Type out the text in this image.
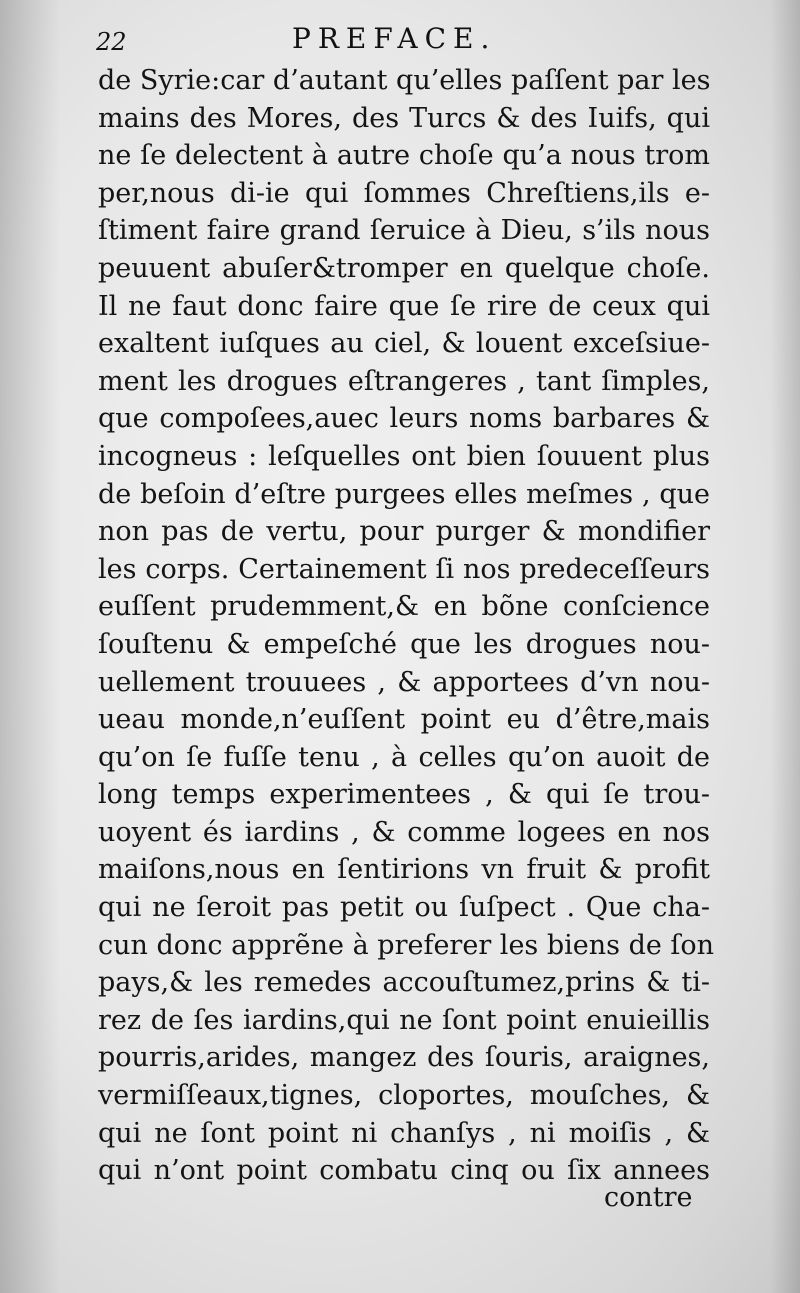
22	PREFACE.
de Syrie:car d’autant qu’elles paſſent par les
mains des Mores, des Turcs & des Iuifs, qui
ne ſe delectent à autre choſe qu’a nous trom
per,nous di-ie qui ſommes Chreſtiens,ils e-
ſtiment faire grand ſeruice à Dieu, s’ils nous
peuuent abuſer&tromper en quelque choſe.
Il ne faut donc faire que ſe rire de ceux qui
exaltent iuſques au ciel, & louent exceſsiue-
ment les drogues eſtrangeres , tant ſimples,
que compoſees,auec leurs noms barbares &
incogneus : leſquelles ont bien ſouuent plus
de beſoin d’eſtre purgees elles meſmes , que
non pas de vertu, pour purger & mondifier
les corps. Certainement ſi nos predeceſſeurs
euſſent prudemment,& en bõne conſcience
ſouſtenu & empeſché que les drogues nou-
uellement trouuees , & apportees d’vn nou-
ueau monde,n’euſſent point eu d’être,mais
qu’on ſe fuſſe tenu , à celles qu’on auoit de
long temps experimentees , & qui ſe trou-
uoyent és iardins , & comme logees en nos
maiſons,nous en ſentirions vn fruit & profit
qui ne ſeroit pas petit ou ſuſpect . Que cha-
cun donc apprẽne à preferer les biens de ſon
pays,& les remedes accouſtumez,prins & ti-
rez de ſes iardins,qui ne ſont point enuieillis
pourris,arides, mangez des ſouris, araignes,
vermiſſeaux,tignes, cloportes, mouſches, &
qui ne ſont point ni chanſys , ni moiſis , &
qui n’ont point combatu cinq ou ſix annees
contre
